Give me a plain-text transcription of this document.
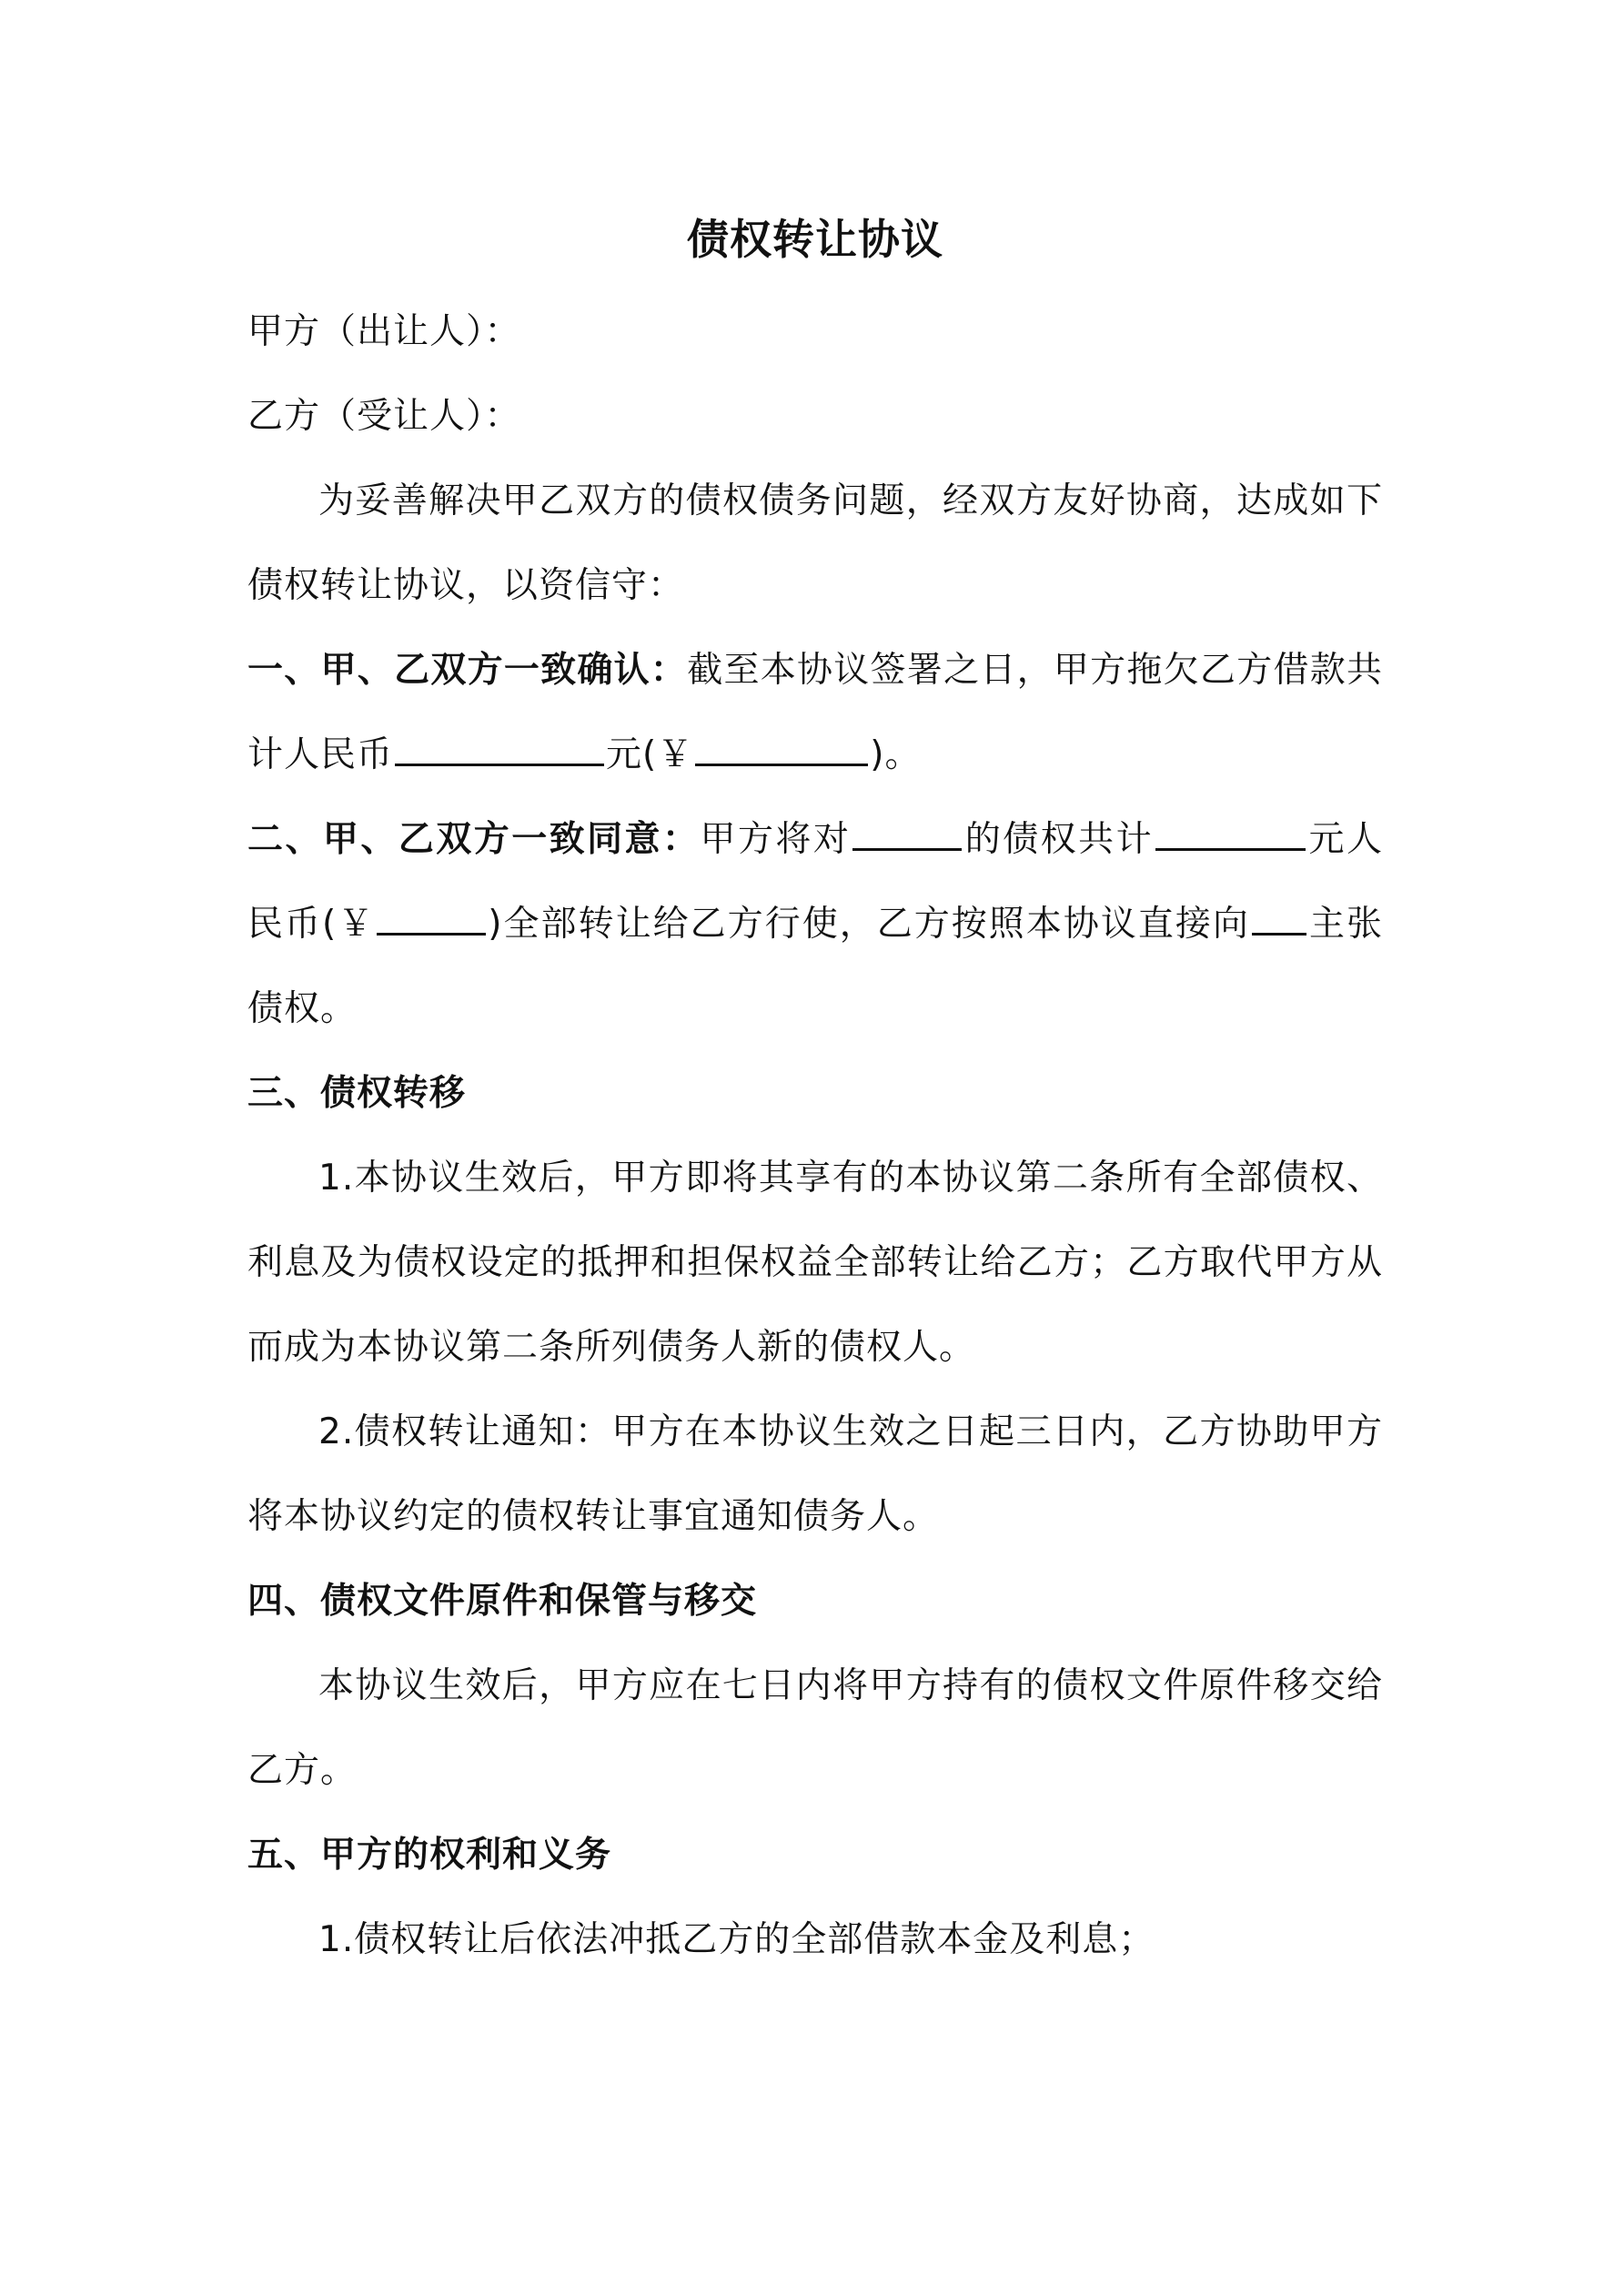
债权转让协议

甲方（出让人）：

乙方（受让人）：

为妥善解决甲乙双方的债权债务问题，经双方友好协商，达成如下债权转让协议，以资信守：

一、甲、乙双方一致确认：截至本协议签署之日，甲方拖欠乙方借款共计人民币	元(￥	)。

二、甲、乙双方一致同意：甲方将对	的债权共计	元人民币(￥	)全部转让给乙方行使，乙方按照本协议直接向 主张债权。

三、债权转移

1.本协议生效后，甲方即将其享有的本协议第二条所有全部债权、利息及为债权设定的抵押和担保权益全部转让给乙方；乙方取代甲方从而成为本协议第二条所列债务人新的债权人。

2.债权转让通知：甲方在本协议生效之日起三日内，乙方协助甲方将本协议约定的债权转让事宜通知债务人。

四、债权文件原件和保管与移交

本协议生效后，甲方应在七日内将甲方持有的债权文件原件移交给乙方。

五、甲方的权利和义务

1.债权转让后依法冲抵乙方的全部借款本金及利息；
